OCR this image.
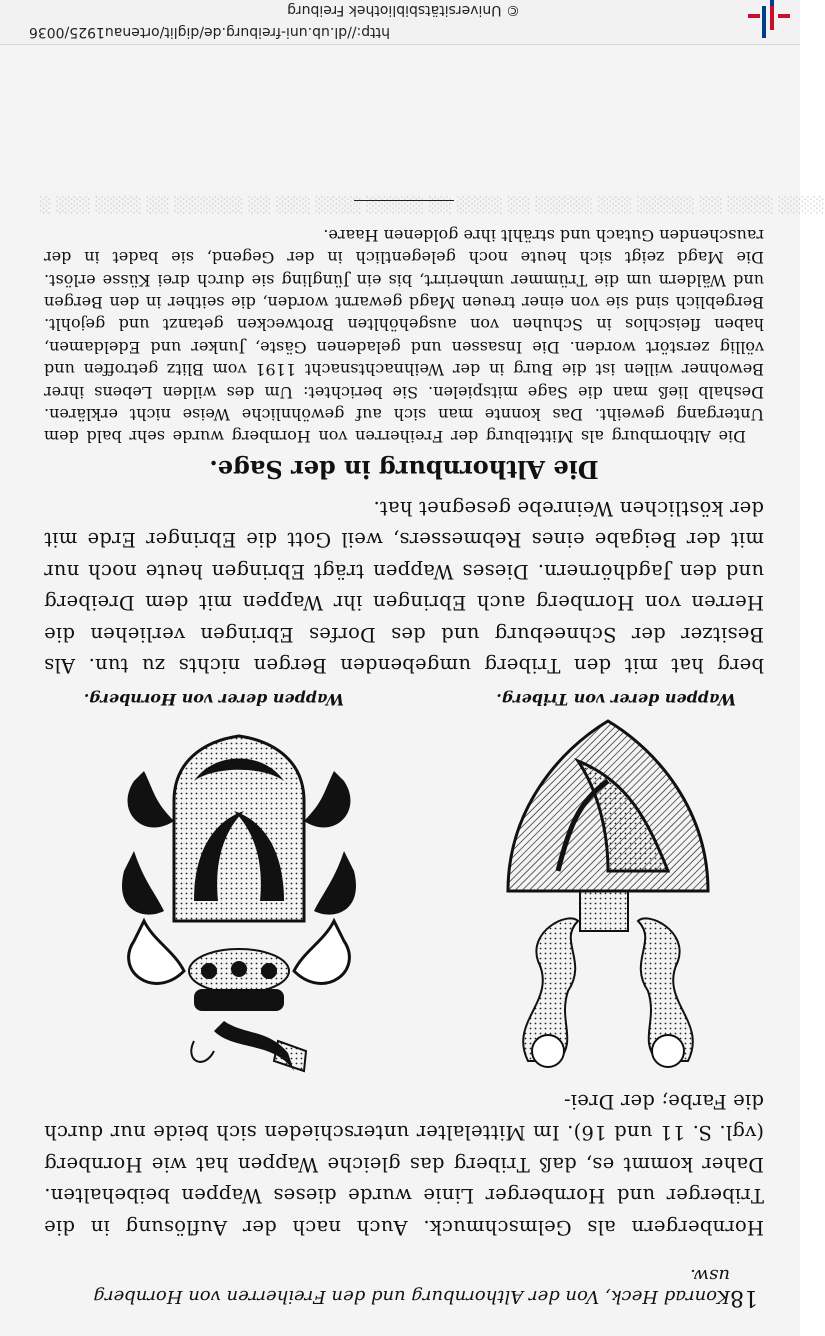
© Universitätsbibliothek Freiburg
http://dl.ub.uni-freiburg.de/diglit/ortenau1925/0036
░ ░░░ ░░░░ ░░ ░░░░░░ ░░ ░░░ ░░░░ ░░░░░ ░░ ░░░░ ░░ ░░░░░ ░░░ ░░░░░ ░░ ░░░░ ░░░░
18
Konrad Heck, Von der Althornburg und den Freiherren von Hornberg usw.

Hornbergern als Gelmschmuck. Auch nach der Auflösung in die Triberger und Hornberger Linie wurde dieses Wappen beibehalten. Daher kommt es, daß Triberg das gleiche Wappen hat wie Hornberg (vgl. S. 11 und 16). Im Mittelalter unterschieden sich beide nur durch die Farbe; der Drei-

Wappen derer von Triberg.
Wappen derer von Hornberg.

berg hat mit den Triberg umgebenden Bergen nichts zu tun. Als Besitzer der Schneeburg und des Dorfes Ebringen verliehen die Herren von Hornberg auch Ebringen ihr Wappen mit dem Dreiberg und den Jagdhörnern. Dieses Wappen trägt Ebringen heute noch nur mit der Beigabe eines Rebmessers, weil Gott die Ebringer Erde mit der köstlichen Weinrebe gesegnet hat.

Die Althornburg in der Sage.

Die Althornburg als Mittelburg der Freiherren von Hornberg wurde sehr bald dem Untergang geweiht. Das konnte man sich auf gewöhnliche Weise nicht erklären. Deshalb ließ man die Sage mitspielen. Sie berichtet: Um des wilden Lebens ihrer Bewohner willen ist die Burg in der Weihnachtsnacht 1191 vom Blitz getroffen und völlig zerstört worden. Die Insassen und geladenen Gäste, Junker und Edeldamen, haben fleischlos in Schuhen von ausgehöhlten Brotwecken getanzt und gejohlt. Bergeblich sind sie von einer treuen Magd gewarnt worden, die seither in den Bergen und Wäldern um die Trümmer umherirrt, bis ein Jüngling sie durch drei Küsse erlöst. Die Magd zeigt sich heute noch gelegentlich in der Gegend, sie badet in der rauschenden Gutach und strählt ihre goldenen Haare.
